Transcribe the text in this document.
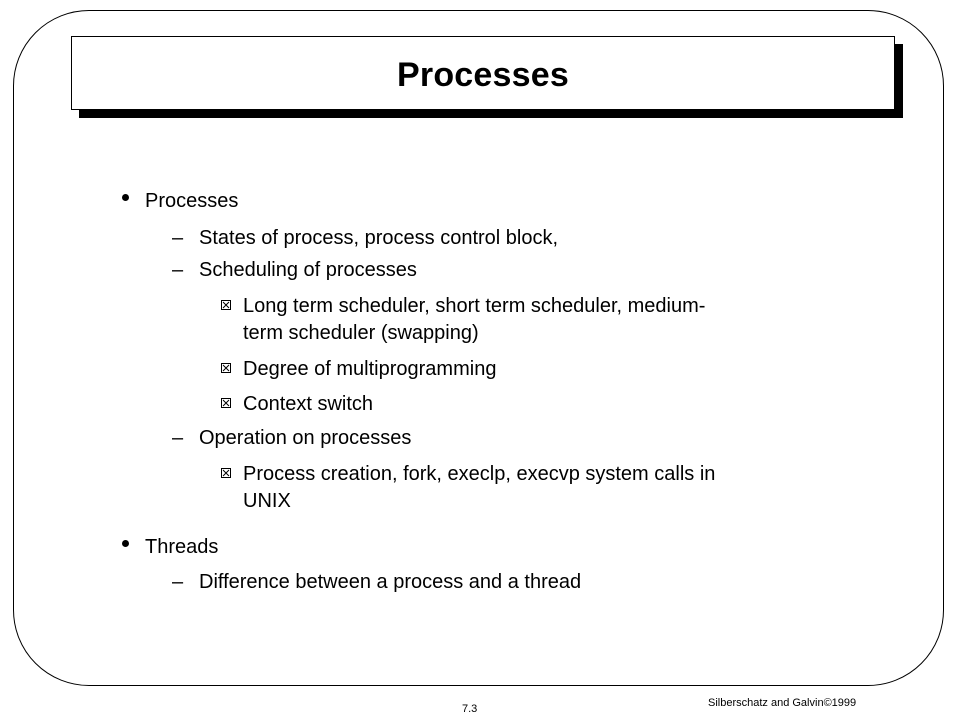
Processes
Processes
– States of process, process control block,
– Scheduling of processes
Long term scheduler, short term scheduler, medium-
term scheduler (swapping)
Degree of multiprogramming
Context switch
– Operation on processes
Process creation, fork, execlp, execvp system calls in
UNIX
Threads
– Difference between a process and a thread
7.3	Silberschatz and Galvin©1999
